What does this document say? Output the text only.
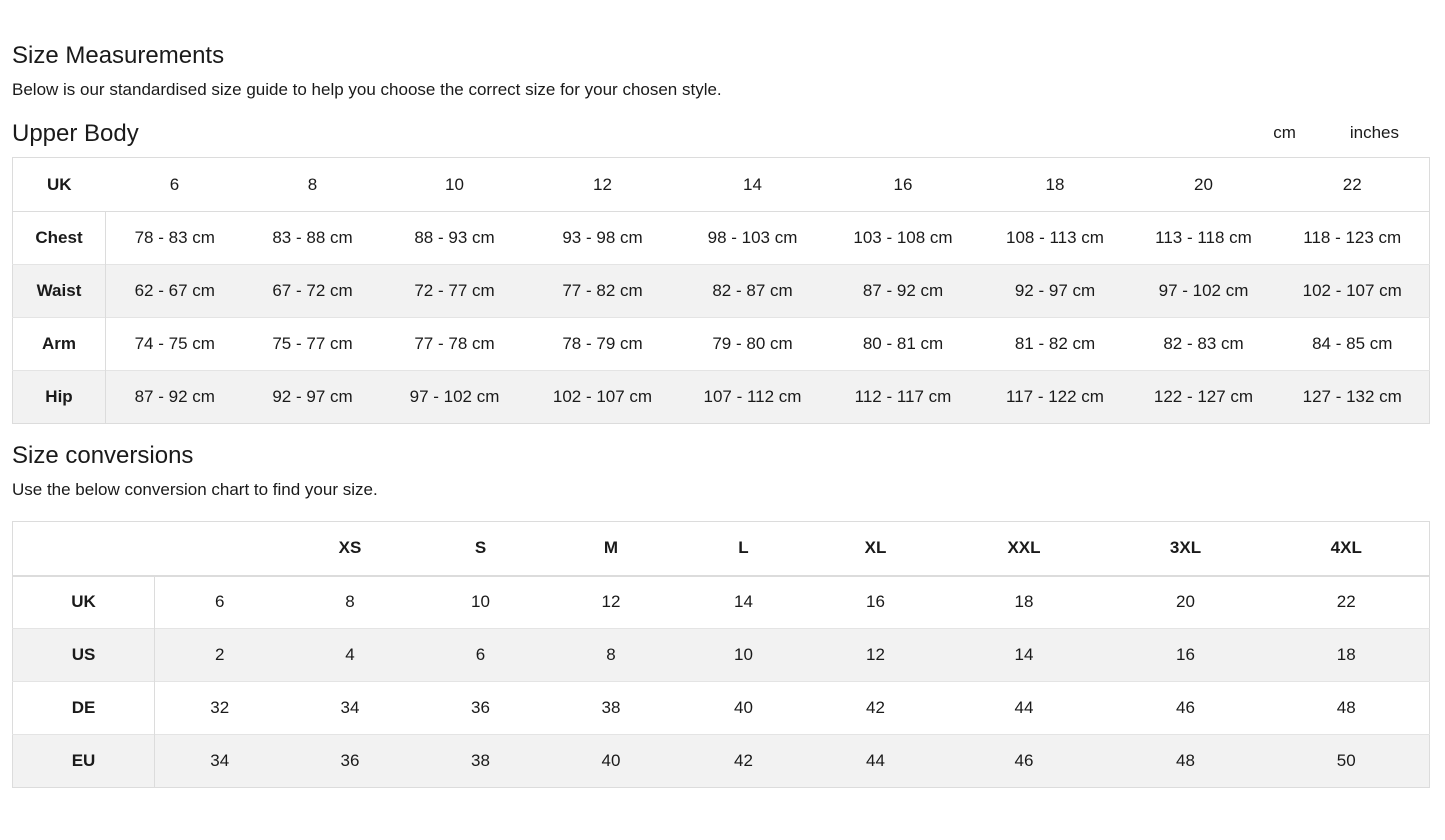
Size Measurements

Below is our standardised size guide to help you choose the correct size for your chosen style.

Upper Body	cm	inches
UK	6	8	10	12	14	16	18	20	22
Chest	78 - 83 cm	83 - 88 cm	88 - 93 cm	93 - 98 cm	98 - 103 cm	103 - 108 cm	108 - 113 cm	113 - 118 cm	118 - 123 cm
Waist	62 - 67 cm	67 - 72 cm	72 - 77 cm	77 - 82 cm	82 - 87 cm	87 - 92 cm	92 - 97 cm	97 - 102 cm	102 - 107 cm
Arm	74 - 75 cm	75 - 77 cm	77 - 78 cm	78 - 79 cm	79 - 80 cm	80 - 81 cm	81 - 82 cm	82 - 83 cm	84 - 85 cm
Hip	87 - 92 cm	92 - 97 cm	97 - 102 cm	102 - 107 cm	107 - 112 cm	112 - 117 cm	117 - 122 cm	122 - 127 cm	127 - 132 cm
Size conversions

Use the below conversion chart to find your size.

		XS	S	M	L	XL	XXL	3XL	4XL
UK	6	8	10	12	14	16	18	20	22
US	2	4	6	8	10	12	14	16	18
DE	32	34	36	38	40	42	44	46	48
EU	34	36	38	40	42	44	46	48	50
